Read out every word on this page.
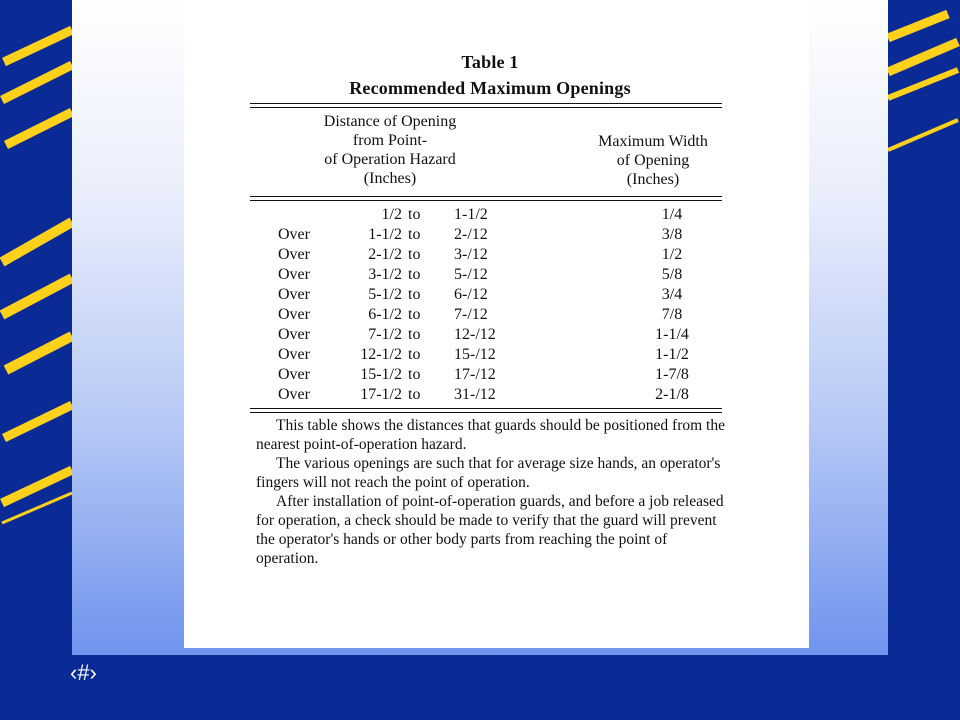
Table 1
Recommended Maximum Openings
Distance of Opening
from Point-
of Operation Hazard
(Inches)
Maximum Width
of Opening
(Inches)
1/2 to 1-1/2	1/4
Over	1-1/2 to 2-/12	3/8
Over	2-1/2 to 3-/12	1/2
Over	3-1/2 to 5-/12	5/8
Over	5-1/2 to 6-/12	3/4
Over	6-1/2 to 7-/12	7/8
Over	7-1/2 to 12-/12	1-1/4
Over	12-1/2 to 15-/12	1-1/2
Over	15-1/2 to 17-/12	1-7/8
Over	17-1/2 to 31-/12	2-1/8

This table shows the distances that guards should be positioned from the nearest point-of-operation hazard.

The various openings are such that for average size hands, an operator's fingers will not reach the point of operation.

After installation of point-of-operation guards, and before a job released for operation, a check should be made to verify that the guard will prevent the operator's hands or other body parts from reaching the point of operation.

‹#›
